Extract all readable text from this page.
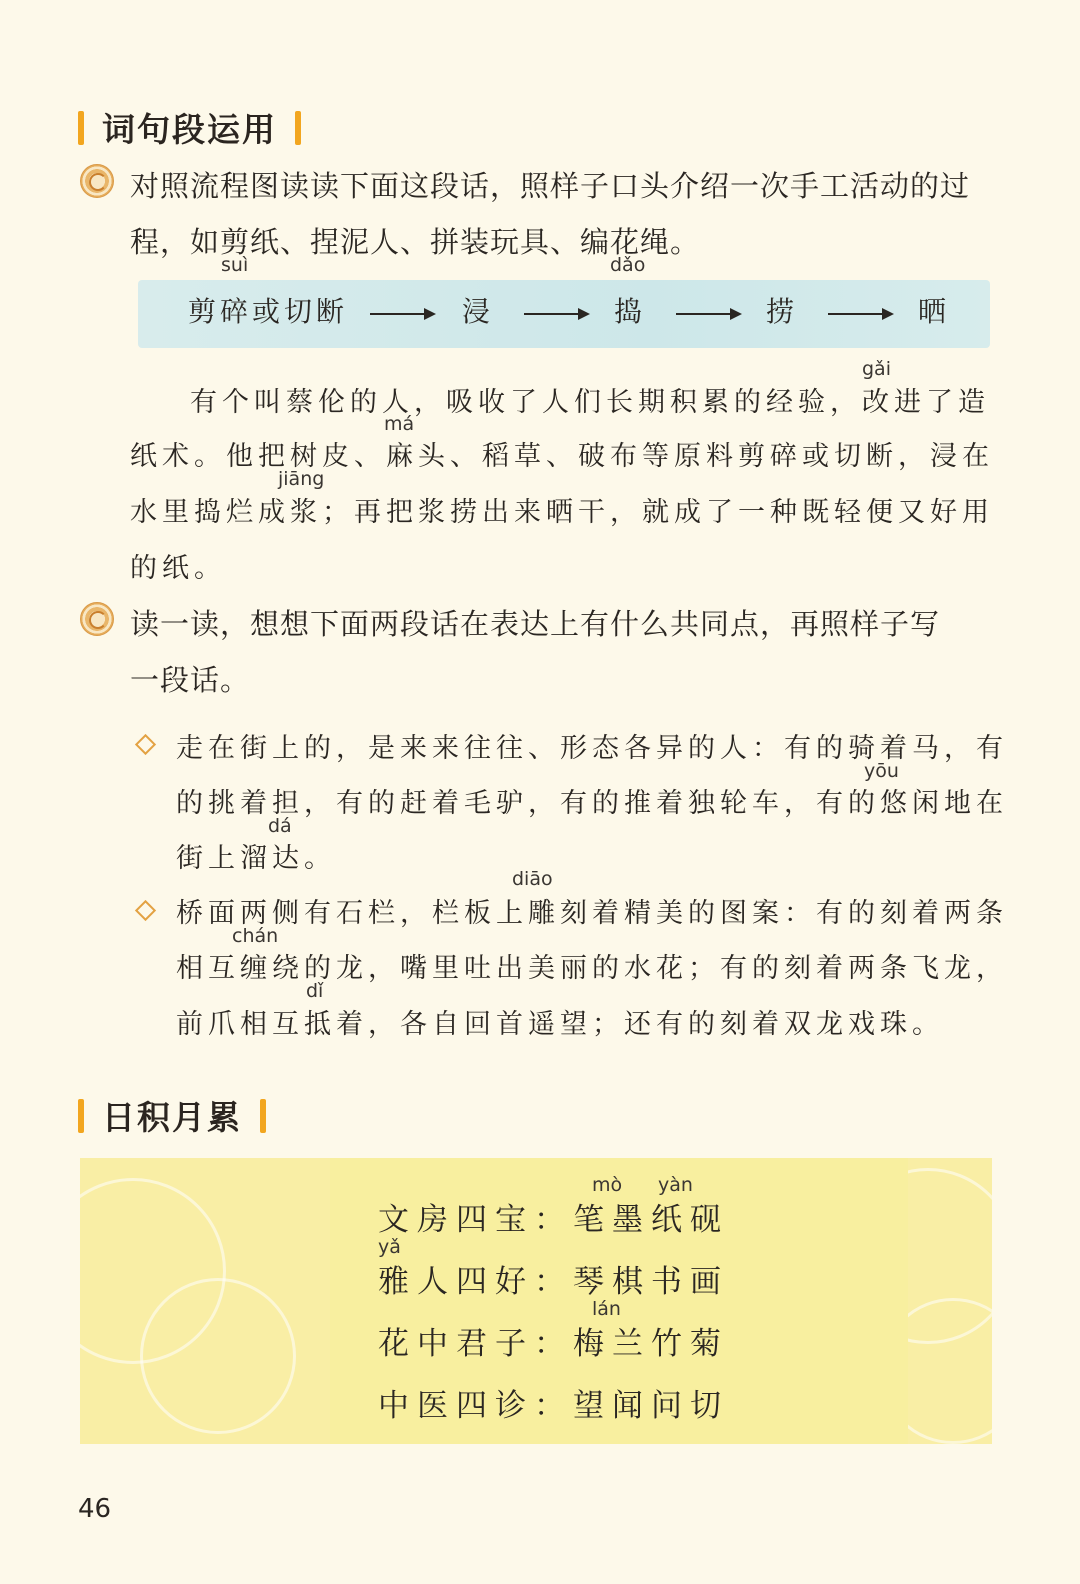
词句段运用
对照流程图读读下面这段话，照样子口头介绍一次手工活动的过
程，如剪纸、捏泥人、拼装玩具、编花绳。
suì
剪碎或切断	浸
dǎo
捣	捞	晒
gǎi
有个叫蔡伦的人，吸收了人们长期积累的经验，改进了造
má
纸术。他把树皮、麻头、稻草、破布等原料剪碎或切断，浸在
jiāng
水里捣烂成浆；再把浆捞出来晒干，就成了一种既轻便又好用
的纸。
读一读，想想下面两段话在表达上有什么共同点，再照样子写
一段话。
走在街上的，是来来往往、形态各异的人：有的骑着马，有
yōu
的挑着担，有的赶着毛驴，有的推着独轮车，有的悠闲地在
dá
街上溜达。
diāo
桥面两侧有石栏，栏板上雕刻着精美的图案：有的刻着两条
chán
相互缠绕的龙，嘴里吐出美丽的水花；有的刻着两条飞龙，
dǐ
前爪相互抵着，各自回首遥望；还有的刻着双龙戏珠。
日积月累
mò yàn
文房四宝：笔墨纸砚
yǎ
雅人四好：琴棋书画
lán
花中君子：梅兰竹菊
中医四诊：望闻问切
46
